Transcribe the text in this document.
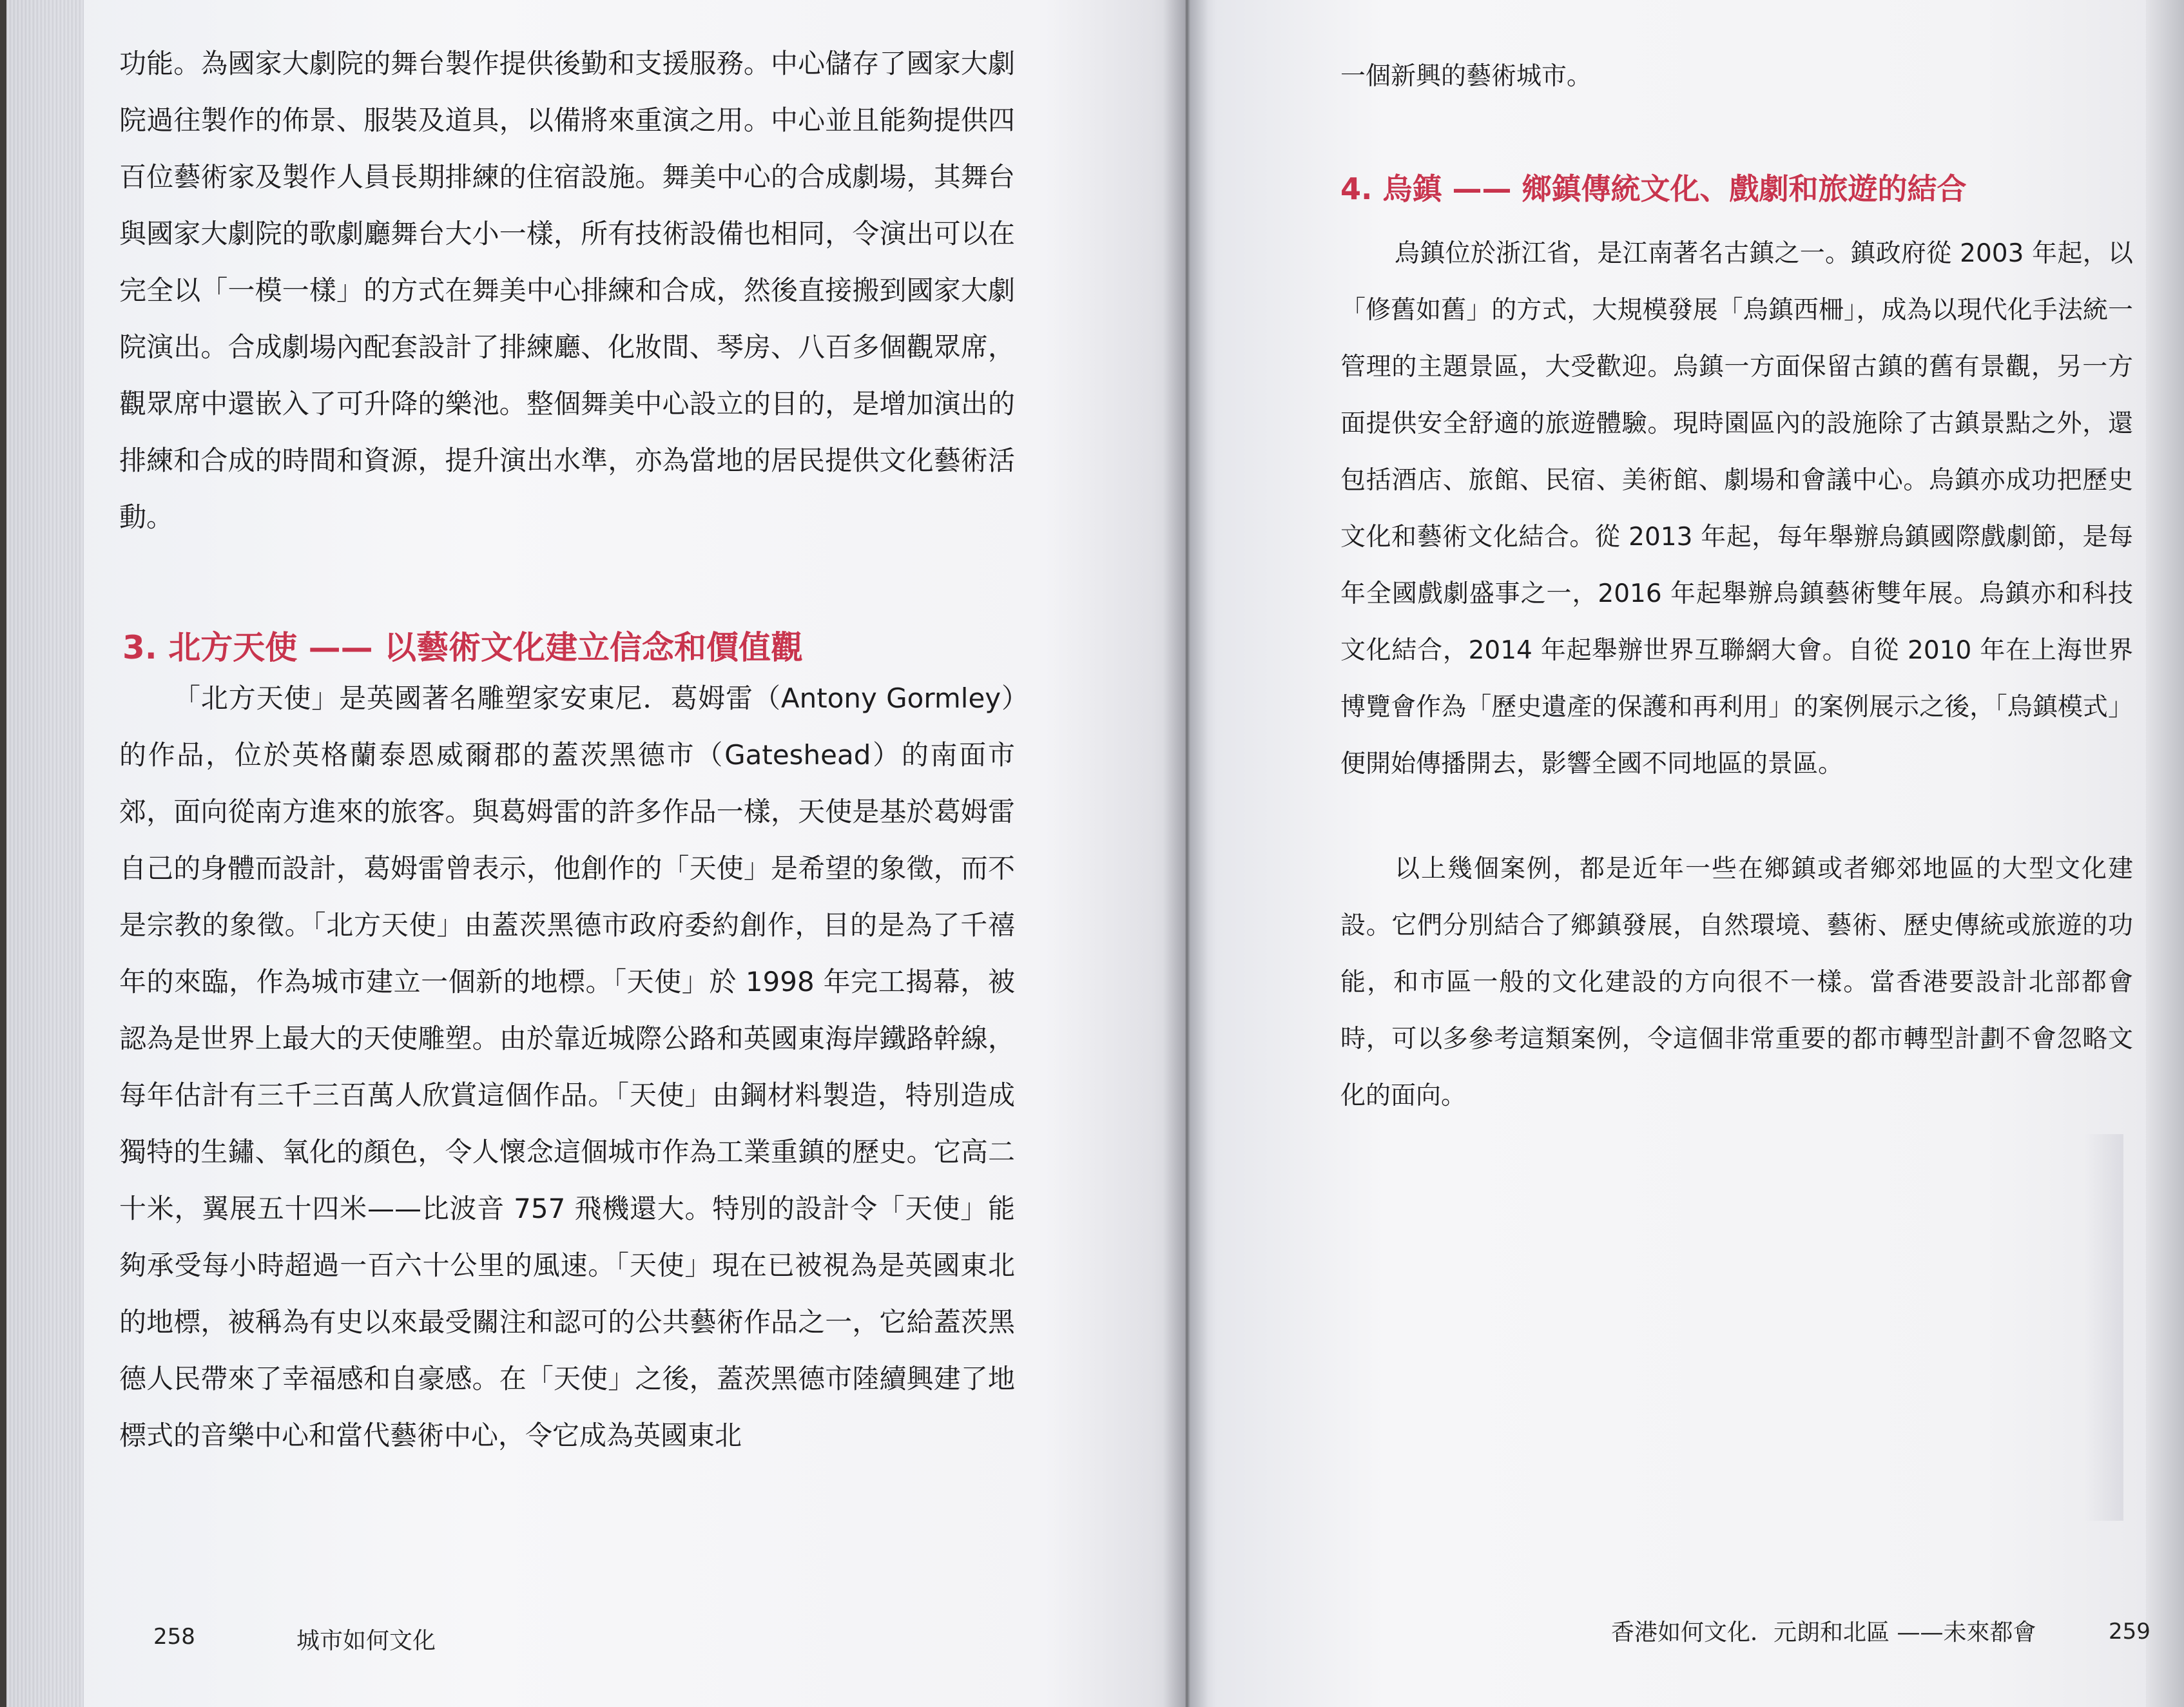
功能。為國家大劇院的舞台製作提供後勤和支援服務。中心儲存了國家大劇院過往製作的佈景、服裝及道具，以備將來重演之用。中心並且能夠提供四百位藝術家及製作人員長期排練的住宿設施。舞美中心的合成劇場，其舞台與國家大劇院的歌劇廳舞台大小一樣，所有技術設備也相同，令演出可以在完全以「一模一樣」的方式在舞美中心排練和合成，然後直接搬到國家大劇院演出。合成劇場內配套設計了排練廳、化妝間、琴房、八百多個觀眾席，觀眾席中還嵌入了可升降的樂池。整個舞美中心設立的目的，是增加演出的排練和合成的時間和資源，提升演出水準，亦為當地的居民提供文化藝術活動。

3. 北方天使 —— 以藝術文化建立信念和價值觀

「北方天使」是英國著名雕塑家安東尼．葛姆雷（Antony Gormley）的作品，位於英格蘭泰恩威爾郡的蓋茨黑德市（Gateshead）的南面市郊，面向從南方進來的旅客。與葛姆雷的許多作品一樣，天使是基於葛姆雷自己的身體而設計，葛姆雷曾表示，他創作的「天使」是希望的象徵，而不是宗教的象徵。「北方天使」由蓋茨黑德市政府委約創作，目的是為了千禧年的來臨，作為城市建立一個新的地標。「天使」於 1998 年完工揭幕，被認為是世界上最大的天使雕塑。由於靠近城際公路和英國東海岸鐵路幹線，每年估計有三千三百萬人欣賞這個作品。「天使」由鋼材料製造，特別造成獨特的生鏽、氧化的顏色，令人懷念這個城市作為工業重鎮的歷史。它高二十米，翼展五十四米——比波音 757 飛機還大。特別的設計令「天使」能夠承受每小時超過一百六十公里的風速。「天使」現在已被視為是英國東北的地標，被稱為有史以來最受關注和認可的公共藝術作品之一，它給蓋茨黑德人民帶來了幸福感和自豪感。在「天使」之後，蓋茨黑德市陸續興建了地標式的音樂中心和當代藝術中心，令它成為英國東北

258	城市如何文化

一個新興的藝術城市。

4. 烏鎮 —— 鄉鎮傳統文化、戲劇和旅遊的結合

烏鎮位於浙江省，是江南著名古鎮之一。鎮政府從 2003 年起，以「修舊如舊」的方式，大規模發展「烏鎮西柵」，成為以現代化手法統一管理的主題景區，大受歡迎。烏鎮一方面保留古鎮的舊有景觀，另一方面提供安全舒適的旅遊體驗。現時園區內的設施除了古鎮景點之外，還包括酒店、旅館、民宿、美術館、劇場和會議中心。烏鎮亦成功把歷史文化和藝術文化結合。從 2013 年起，每年舉辦烏鎮國際戲劇節，是每年全國戲劇盛事之一，2016 年起舉辦烏鎮藝術雙年展。烏鎮亦和科技文化結合，2014 年起舉辦世界互聯網大會。自從 2010 年在上海世界博覽會作為「歷史遺產的保護和再利用」的案例展示之後，「烏鎮模式」便開始傳播開去，影響全國不同地區的景區。

以上幾個案例，都是近年一些在鄉鎮或者鄉郊地區的大型文化建設。它們分別結合了鄉鎮發展，自然環境、藝術、歷史傳統或旅遊的功能，和市區一般的文化建設的方向很不一樣。當香港要設計北部都會時，可以多參考這類案例，令這個非常重要的都市轉型計劃不會忽略文化的面向。

香港如何文化．元朗和北區 ——未來都會	259
